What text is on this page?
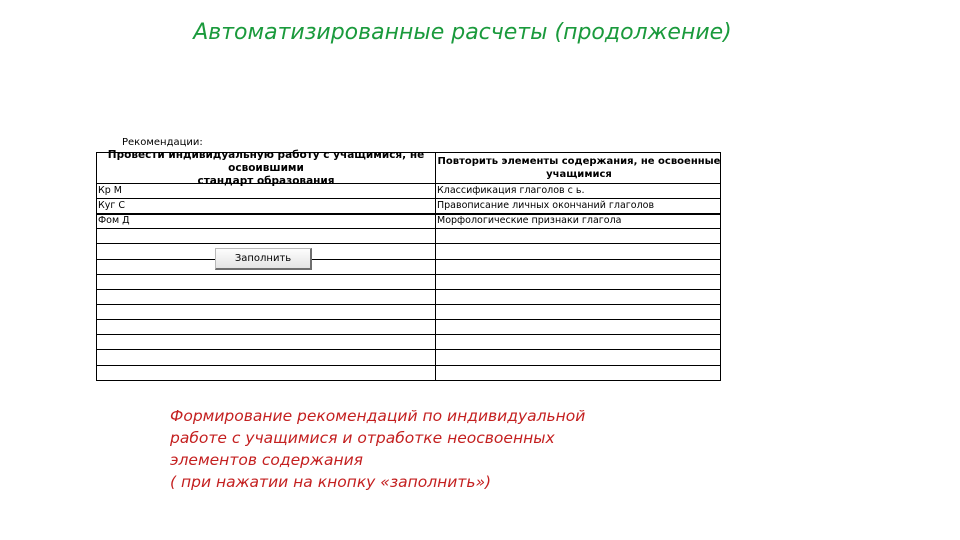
Автоматизированные расчеты (продолжение)
Рекомендации:
Провести индивидуальную работу с учащимися, не освоившими
стандарт образования
Повторить элементы содержания, не освоенные учащимися
Кр М
Куг С
Фом Д
Классификация глаголов с ь.
Правописание личных окончаний глаголов
Морфологические признаки глагола
Заполнить
Формирование рекомендаций по индивидуальной
работе с учащимися и отработке неосвоенных
элементов содержания
( при нажатии на кнопку «заполнить»)
